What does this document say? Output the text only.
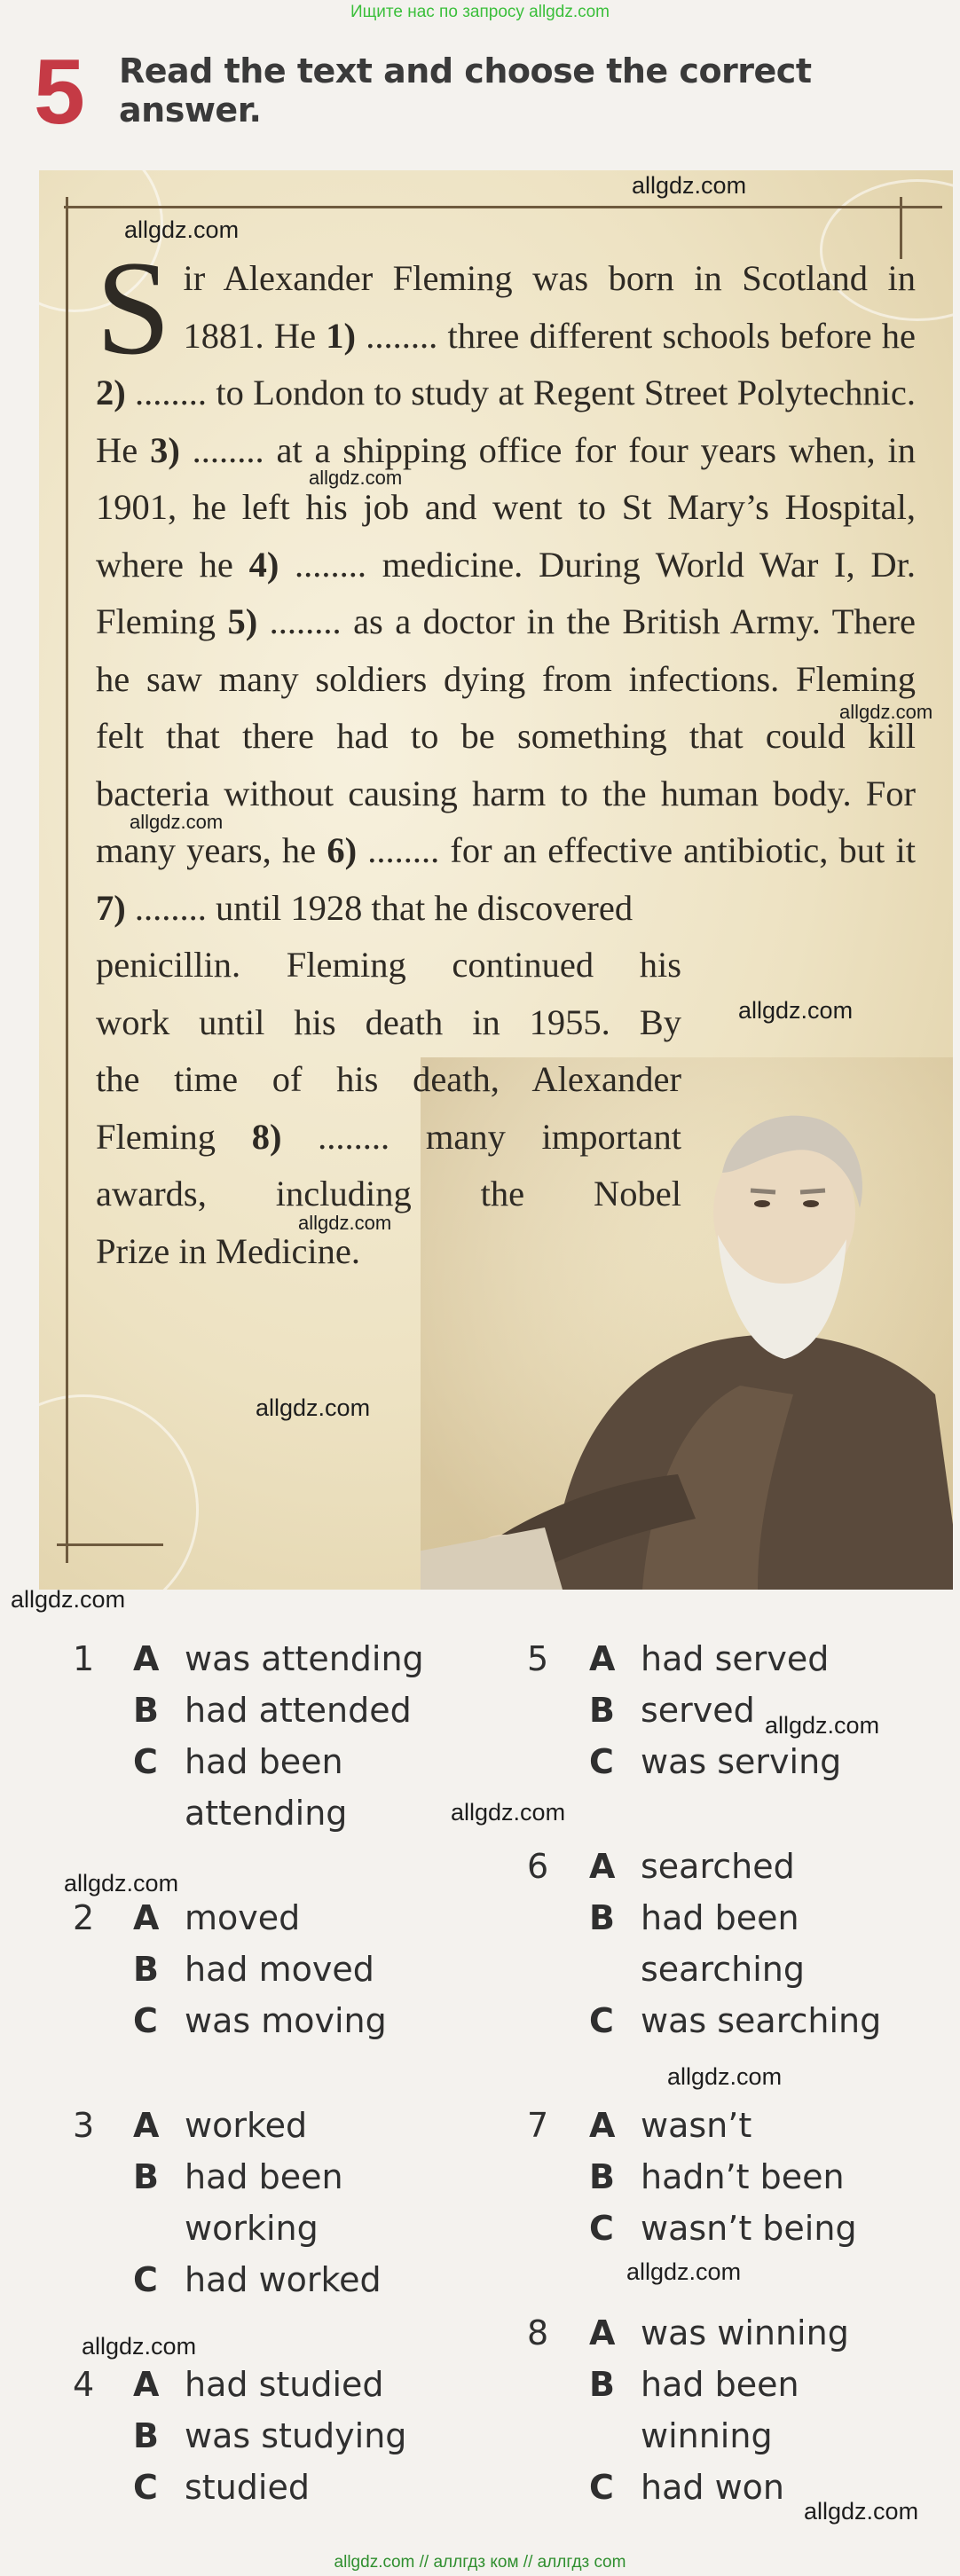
Ищите нас по запросу allgdz.com
5 Read the text and choose the correct answer.
Sir Alexander Fleming was born in Scotland in 1881. He 1) ........ three different schools before he 2) ........ to London to study at Regent Street Polytechnic. He 3) ........ at a shipping office for four years when, in 1901, he left his job and went to St Mary’s Hospital, where he 4) ........ medicine. During World War I, Dr. Fleming 5) ........ as a doctor in the British Army. There he saw many soldiers dying from infections. Fleming felt that there had to be something that could kill bacteria without causing harm to the human body. For many years, he 6) ........ for an effective antibiotic, but it 7) ........ until 1928 that he discovered
penicillin. Fleming continued his
work until his death in 1955. By
the time of his death, Alexander
Fleming 8) ........ many important
awards, including the Nobel
Prize in Medicine.
allgdz.com
allgdz.com
allgdz.com
allgdz.com
allgdz.com
allgdz.com
allgdz.com
allgdz.com
allgdz.com
allgdz.com
allgdz.com
allgdz.com
allgdz.com
allgdz.com
allgdz.com
allgdz.com
1 A was attending
B had attended
C had been
attending
2 A moved
B had moved
C was moving
3 A worked
B had been
working
C had worked
4 A had studied
B was studying
C studied
5 A had served
B served
C was serving
6 A searched
B had been
searching
C was searching
7 A wasn’t
B hadn’t been
C wasn’t being
8 A was winning
B had been
winning
C had won
allgdz.com // аллгдз ком // аллгдз com
